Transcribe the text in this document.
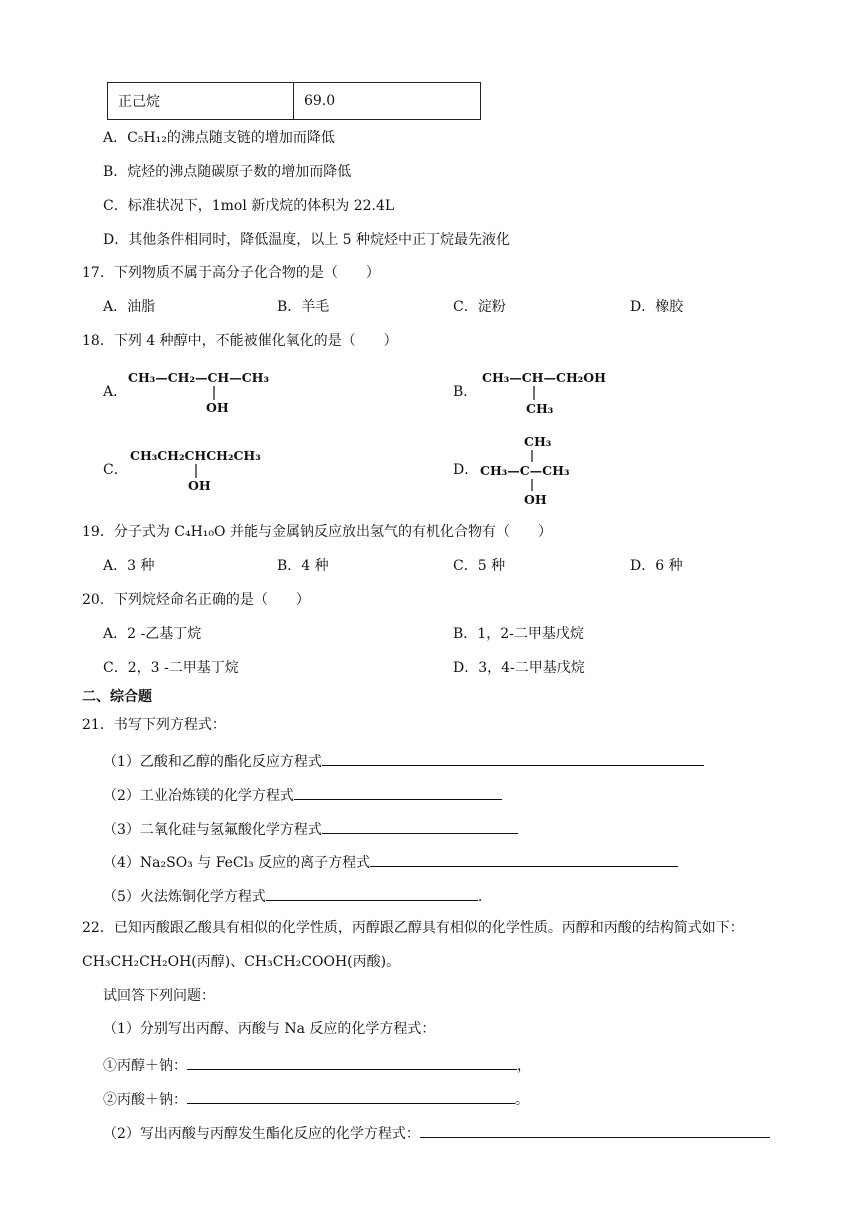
正己烷	69.0
A．C₅H₁₂的沸点随支链的增加而降低
B．烷烃的沸点随碳原子数的增加而降低
C．标准状况下，1mol 新戊烷的体积为 22.4L
D．其他条件相同时，降低温度，以上 5 种烷烃中正丁烷最先液化
17．下列物质不属于高分子化合物的是（　　）
A．油脂	B．羊毛	C．淀粉	D．橡胶
18．下列 4 种醇中，不能被催化氧化的是（　　）
A．	B．
C．	D．
CH₃—CH₂—CH—CH₃
OH
CH₃—CH—CH₂OH
CH₃
CH₃CH₂CHCH₂CH₃
OH
CH₃
CH₃—C—CH₃
OH
19．分子式为 C₄H₁₀O 并能与金属钠反应放出氢气的有机化合物有（　　）
A．3 种	B．4 种	C．5 种	D．6 种
20．下列烷烃命名正确的是（　　）
A．2 -乙基丁烷	B．1，2-二甲基戊烷
C．2，3 -二甲基丁烷	D．3，4-二甲基戊烷
二、综合题
21．书写下列方程式：
（1）乙酸和乙醇的酯化反应方程式
（2）工业冶炼镁的化学方程式
（3）二氧化硅与氢氟酸化学方程式
（4）Na₂SO₃ 与 FeCl₃ 反应的离子方程式
（5）火法炼铜化学方程式	.
22．已知丙酸跟乙酸具有相似的化学性质，丙醇跟乙醇具有相似的化学性质。丙醇和丙酸的结构简式如下：
CH₃CH₂CH₂OH(丙醇)、CH₃CH₂COOH(丙酸)。
试回答下列问题：
（1）分别写出丙醇、丙酸与 Na 反应的化学方程式：
①丙醇＋钠：	，
②丙酸＋钠：	。
（2）写出丙酸与丙醇发生酯化反应的化学方程式：
